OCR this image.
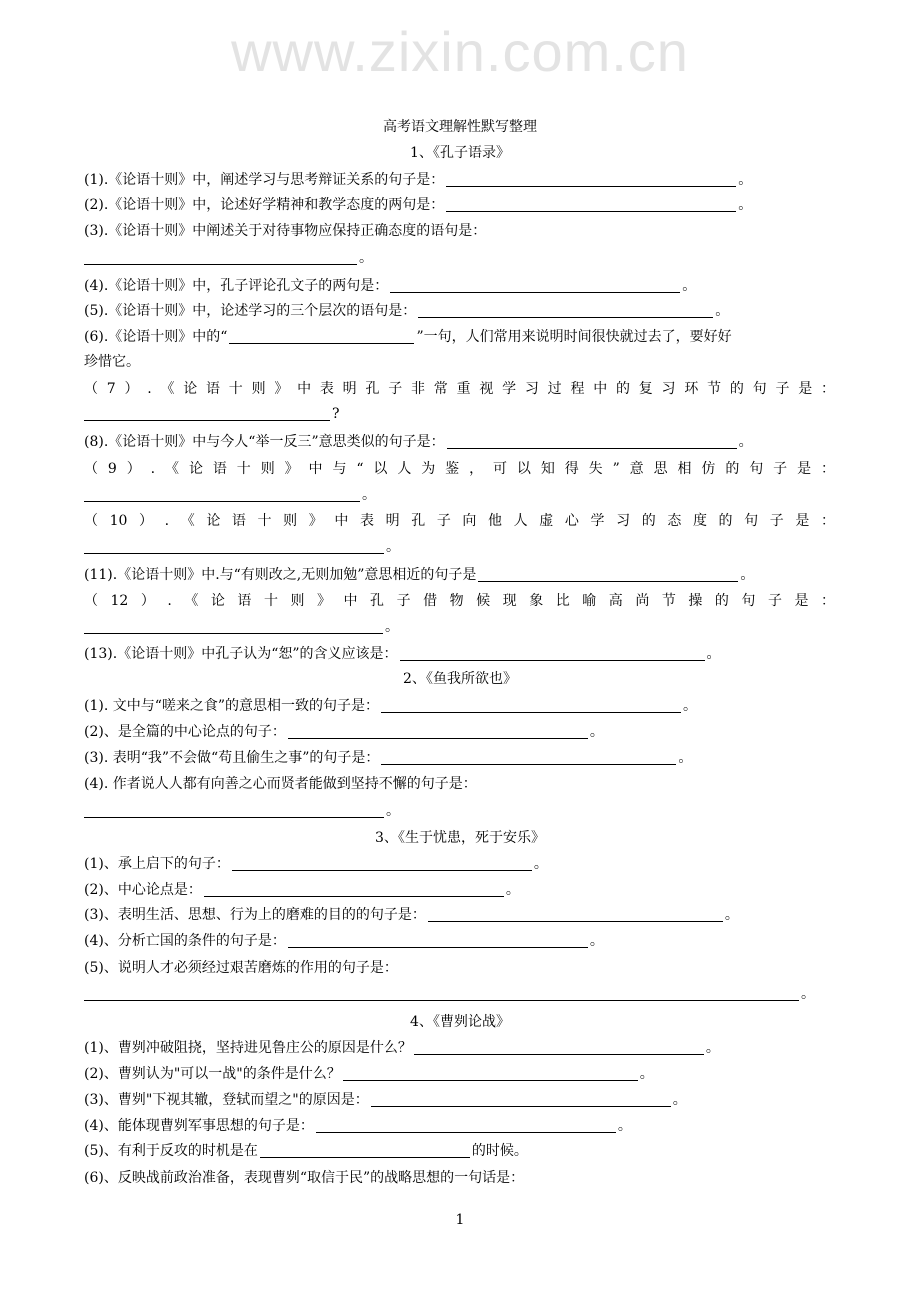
www.zixin.com.cn
高考语文理解性默写整理
1、《孔子语录》
(1).《论语十则》中，阐述学习与思考辩证关系的句子是：	。
(2).《论语十则》中，论述好学精神和教学态度的两句是：	。
(3).《论语十则》中阐述关于对待事物应保持正确态度的语句是：
。
(4).《论语十则》中，孔子评论孔文子的两句是：	。
(5).《论语十则》中，论述学习的三个层次的语句是：	。
(6).《论语十则》中的“	”一句，人们常用来说明时间很快就过去了，要好好
珍惜它。
（7）.《论语十则》中表明孔子非常重视学习过程中的复习环节的句子是：
?
(8).《论语十则》中与今人“举一反三”意思类似的句子是：	。
（9）.《论语十则》中与“以人为鉴，可以知得失”意思相仿的句子是：
。
（10）.《论语十则》中表明孔子向他人虚心学习的态度的句子是：
。
(11).《论语十则》中.与“有则改之,无则加勉”意思相近的句子是	。
（12）.《论语十则》中孔子借物候现象比喻高尚节操的句子是：
。
(13).《论语十则》中孔子认为“恕”的含义应该是：	。
2、《鱼我所欲也》
(1). 文中与“嗟来之食”的意思相一致的句子是：	。
(2)、是全篇的中心论点的句子：	。
(3). 表明“我”不会做“苟且偷生之事”的句子是：	。
(4). 作者说人人都有向善之心而贤者能做到坚持不懈的句子是：
。
3、《生于忧患，死于安乐》
(1)、承上启下的句子：	。
(2)、中心论点是：	。
(3)、表明生活、思想、行为上的磨难的目的的句子是：	。
(4)、分析亡国的条件的句子是：	。
(5)、说明人才必须经过艰苦磨炼的作用的句子是：
。
4、《曹刿论战》
(1)、曹刿冲破阻挠，坚持进见鲁庄公的原因是什么？	。
(2)、曹刿认为"可以一战"的条件是什么？	。
(3)、曹刿"下视其辙，登轼而望之"的原因是：	。
(4)、能体现曹刿军事思想的句子是：	。
(5)、有利于反攻的时机是在	的时候。
(6)、反映战前政治准备，表现曹刿“取信于民”的战略思想的一句话是：
1
